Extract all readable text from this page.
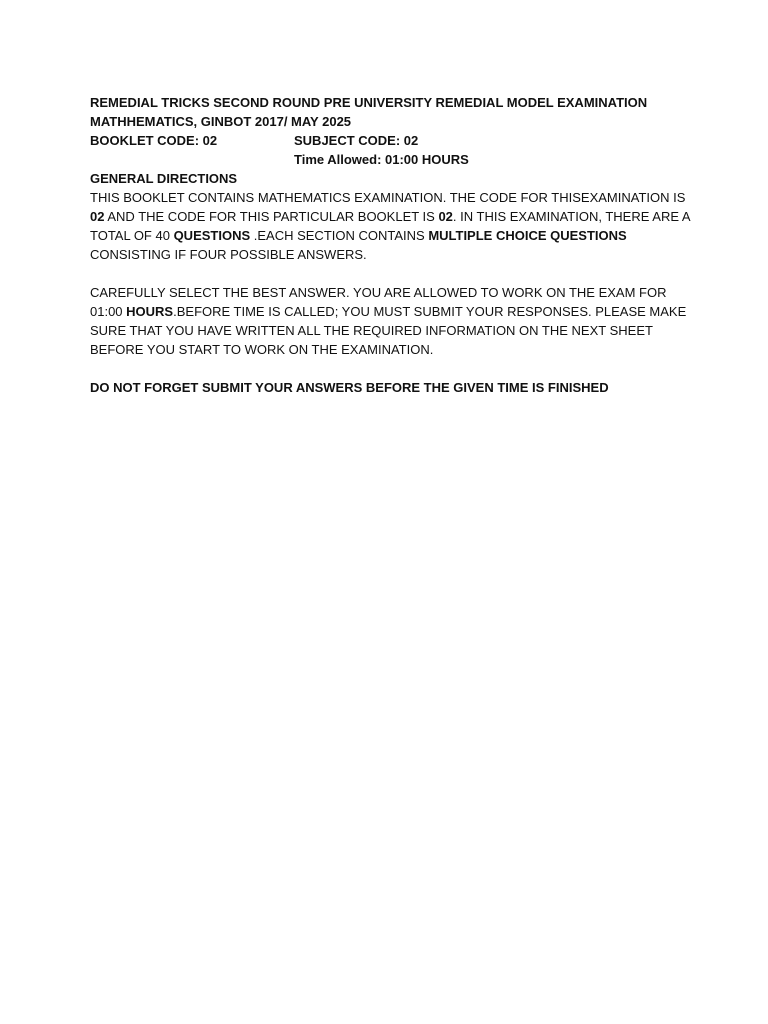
REMEDIAL TRICKS SECOND ROUND PRE UNIVERSITY REMEDIAL MODEL EXAMINATION
MATHHEMATICS, GINBOT 2017/ MAY 2025
BOOKLET CODE: 02	SUBJECT CODE: 02
Time Allowed: 01:00 HOURS
GENERAL DIRECTIONS
THIS BOOKLET CONTAINS MATHEMATICS EXAMINATION. THE CODE FOR THISEXAMINATION IS
02 AND THE CODE FOR THIS PARTICULAR BOOKLET IS 02. IN THIS EXAMINATION, THERE ARE A
TOTAL OF 40 QUESTIONS .EACH SECTION CONTAINS MULTIPLE CHOICE QUESTIONS
CONSISTING IF FOUR POSSIBLE ANSWERS.
CAREFULLY SELECT THE BEST ANSWER. YOU ARE ALLOWED TO WORK ON THE EXAM FOR
01:00 HOURS.BEFORE TIME IS CALLED; YOU MUST SUBMIT YOUR RESPONSES. PLEASE MAKE
SURE THAT YOU HAVE WRITTEN ALL THE REQUIRED INFORMATION ON THE NEXT SHEET
BEFORE YOU START TO WORK ON THE EXAMINATION.
DO NOT FORGET SUBMIT YOUR ANSWERS BEFORE THE GIVEN TIME IS FINISHED
